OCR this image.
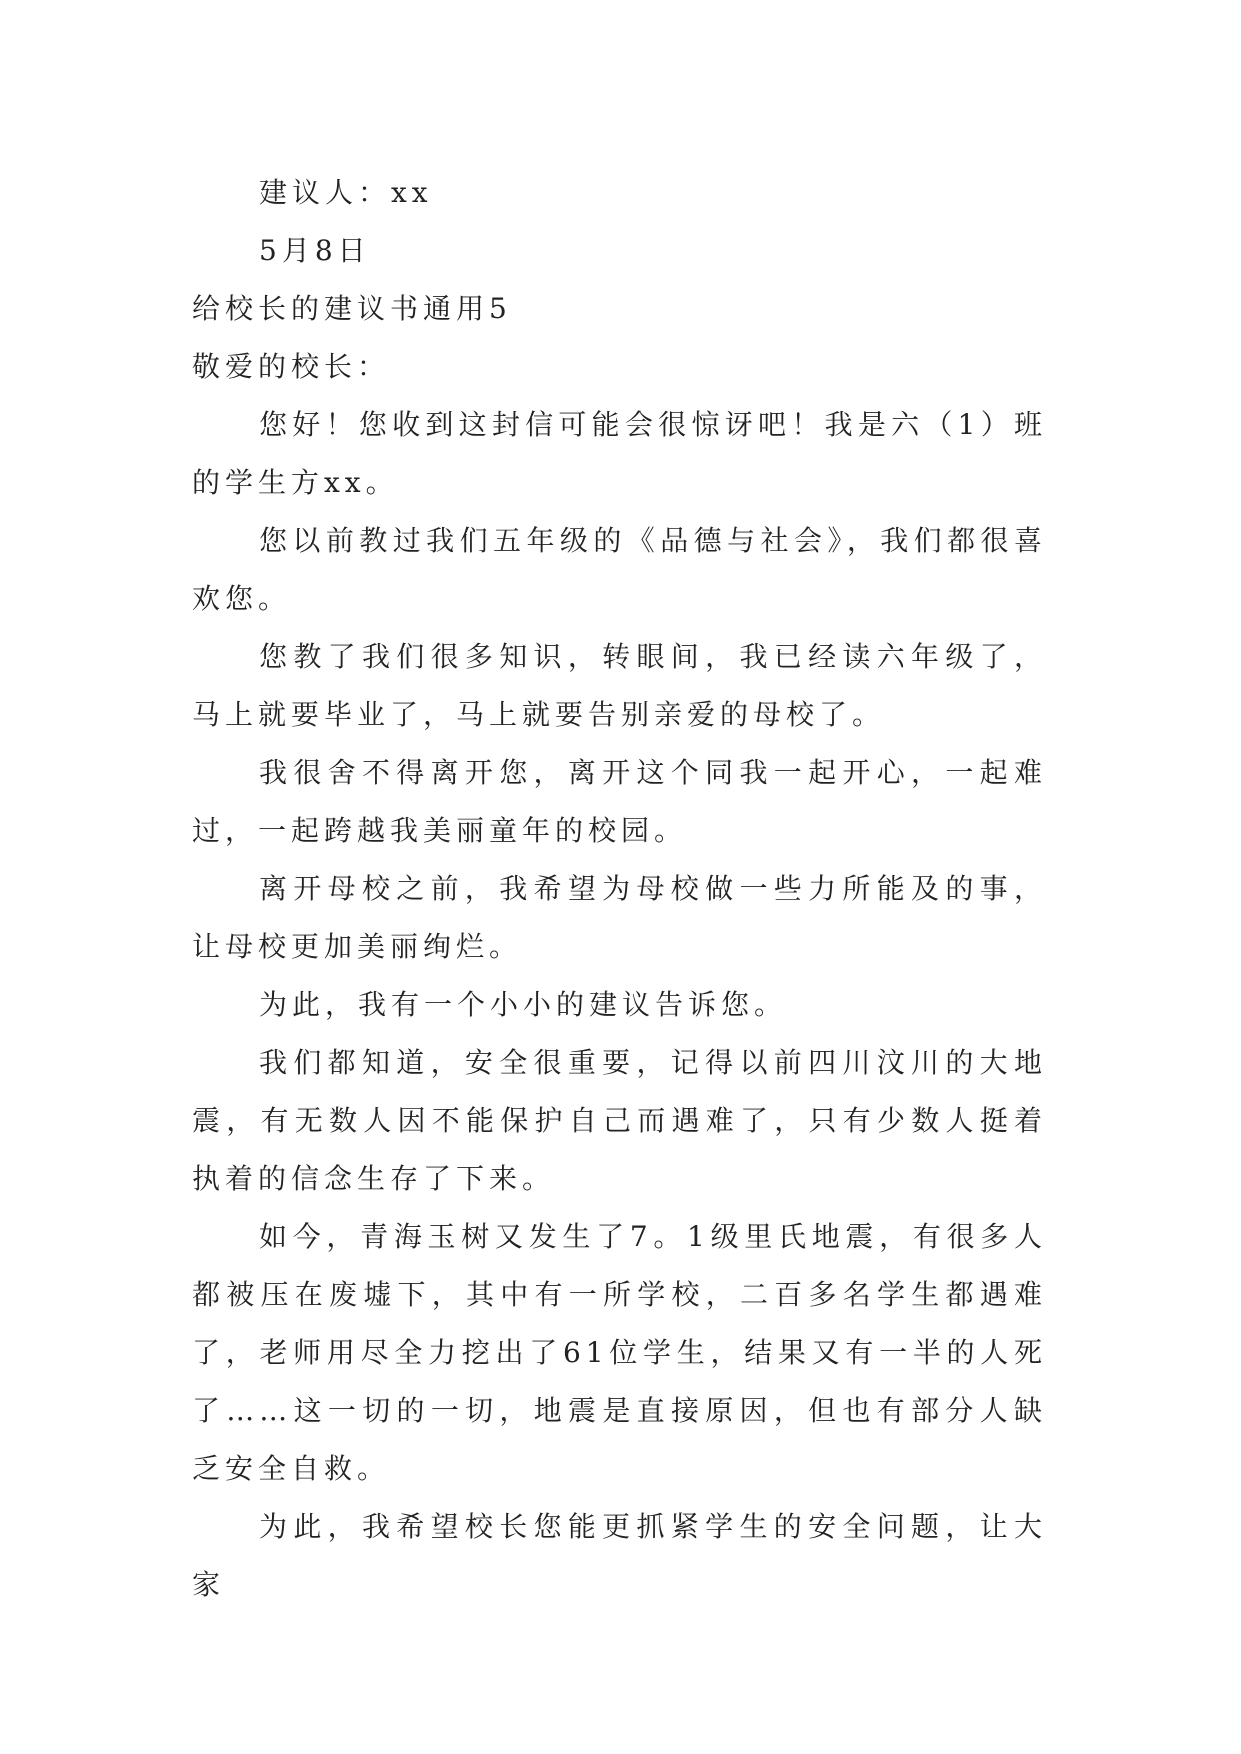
建议人：xx

5月8日

给校长的建议书通用5

敬爱的校长：

您好！您收到这封信可能会很惊讶吧！我是六（1）班的学生方xx。

您以前教过我们五年级的《品德与社会》，我们都很喜欢您。

您教了我们很多知识，转眼间，我已经读六年级了，马上就要毕业了，马上就要告别亲爱的母校了。

我很舍不得离开您，离开这个同我一起开心，一起难过，一起跨越我美丽童年的校园。

离开母校之前，我希望为母校做一些力所能及的事，让母校更加美丽绚烂。

为此，我有一个小小的建议告诉您。

我们都知道，安全很重要，记得以前四川汶川的大地震，有无数人因不能保护自己而遇难了，只有少数人挺着执着的信念生存了下来。

如今，青海玉树又发生了7。1级里氏地震，有很多人都被压在废墟下，其中有一所学校，二百多名学生都遇难了，老师用尽全力挖出了61位学生，结果又有一半的人死了……这一切的一切，地震是直接原因，但也有部分人缺乏安全自救。

为此，我希望校长您能更抓紧学生的安全问题，让大家
